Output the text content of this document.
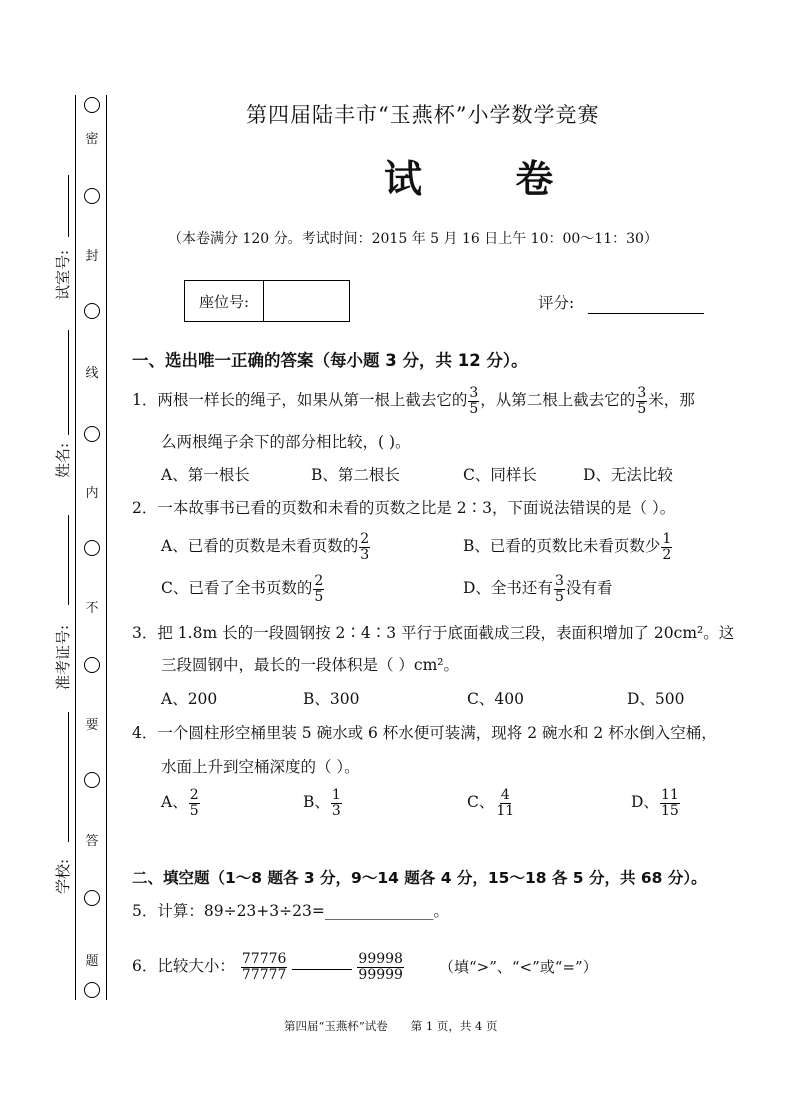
密
封
线
内
不
要
答
题
试室号:
姓名:
准考证号:
学校:
第四届陆丰市“玉燕杯”小学数学竞赛
试 卷
（本卷满分 120 分。考试时间：2015 年 5 月 16 日上午 10：00～11：30）
座位号:	评分:
一、选出唯一正确的答案（每小题 3 分，共 12 分）。
1．两根一样长的绳子，如果从第一根上截去它的 $\frac{3}{5}$ ，从第二根上截去它的 $\frac{3}{5}$ 米，那
么两根绳子余下的部分相比较，( )。
A、第一根长	B、第二根长	C、同样长	D、无法比较
2．一本故事书已看的页数和未看的页数之比是 2∶3，下面说法错误的是（ ）。
A、已看的页数是未看页数的 $\frac{2}{3}$	B、已看的页数比未看页数少 $\frac{1}{2}$
C、已看了全书页数的 $\frac{2}{5}$	D、全书还有 $\frac{3}{5}$ 没有看
3．把 1.8m 长的一段圆钢按 2∶4∶3 平行于底面截成三段，表面积增加了 20cm²。这
三段圆钢中，最长的一段体积是（ ）cm²。
A、200	B、300	C、400	D、500
4．一个圆柱形空桶里装 5 碗水或 6 杯水便可装满，现将 2 碗水和 2 杯水倒入空桶，
水面上升到空桶深度的（ ）。
A、 $\frac{2}{5}$	B、 $\frac{1}{3}$	C、 $\frac{4}{11}$	D、 $\frac{11}{15}$
二、填空题（1～8 题各 3 分，9～14 题各 4 分，15～18 各 5 分，共 68 分）。
5．计算：89÷23+3÷23=______________。
6．比较大小： $\frac{77776}{77777}$	$\frac{99998}{99999}$ （填“>”、“<”或“=”）
第四届“玉燕杯”试卷　　第 1 页，共 4 页
